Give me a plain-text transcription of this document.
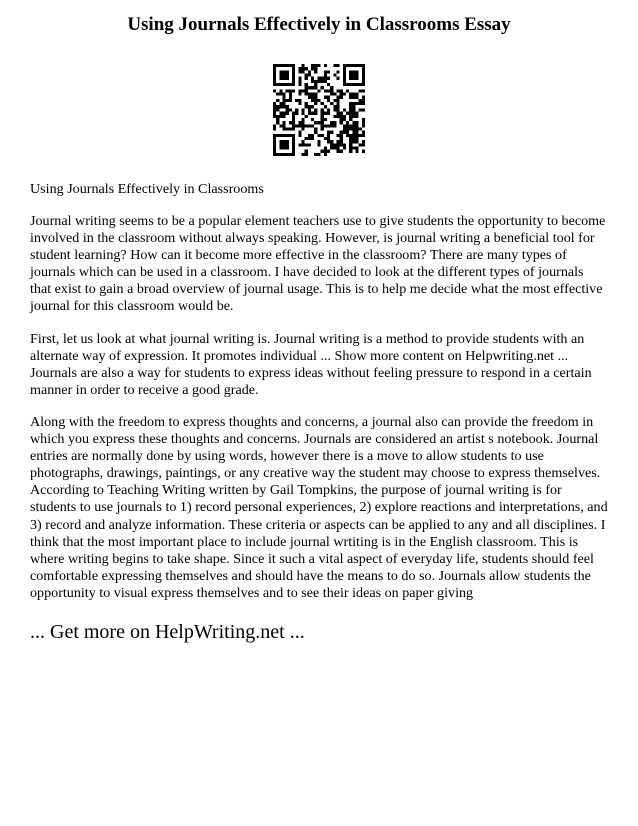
Using Journals Effectively in Classrooms Essay

Using Journals Effectively in Classrooms

Journal writing seems to be a popular element teachers use to give students the opportunity to become involved in the classroom without always speaking. However, is journal writing a beneficial tool for student learning? How can it become more effective in the classroom? There are many types of journals which can be used in a classroom. I have decided to look at the different types of journals that exist to gain a broad overview of journal usage. This is to help me decide what the most effective journal for this classroom would be.

First, let us look at what journal writing is. Journal writing is a method to provide students with an alternate way of expression. It promotes individual ... Show more content on Helpwriting.net ... Journals are also a way for students to express ideas without feeling pressure to respond in a certain manner in order to receive a good grade.

Along with the freedom to express thoughts and concerns, a journal also can provide the freedom in which you express these thoughts and concerns. Journals are considered an artist s notebook. Journal entries are normally done by using words, however there is a move to allow students to use photographs, drawings, paintings, or any creative way the student may choose to express themselves. According to Teaching Writing written by Gail Tompkins, the purpose of journal writing is for students to use journals to 1) record personal experiences, 2) explore reactions and interpretations, and 3) record and analyze information. These criteria or aspects can be applied to any and all disciplines. I think that the most important place to include journal wrtiting is in the English classroom. This is where writing begins to take shape. Since it such a vital aspect of everyday life, students should feel comfortable expressing themselves and should have the means to do so. Journals allow students the opportunity to visual express themselves and to see their ideas on paper giving

... Get more on HelpWriting.net ...
